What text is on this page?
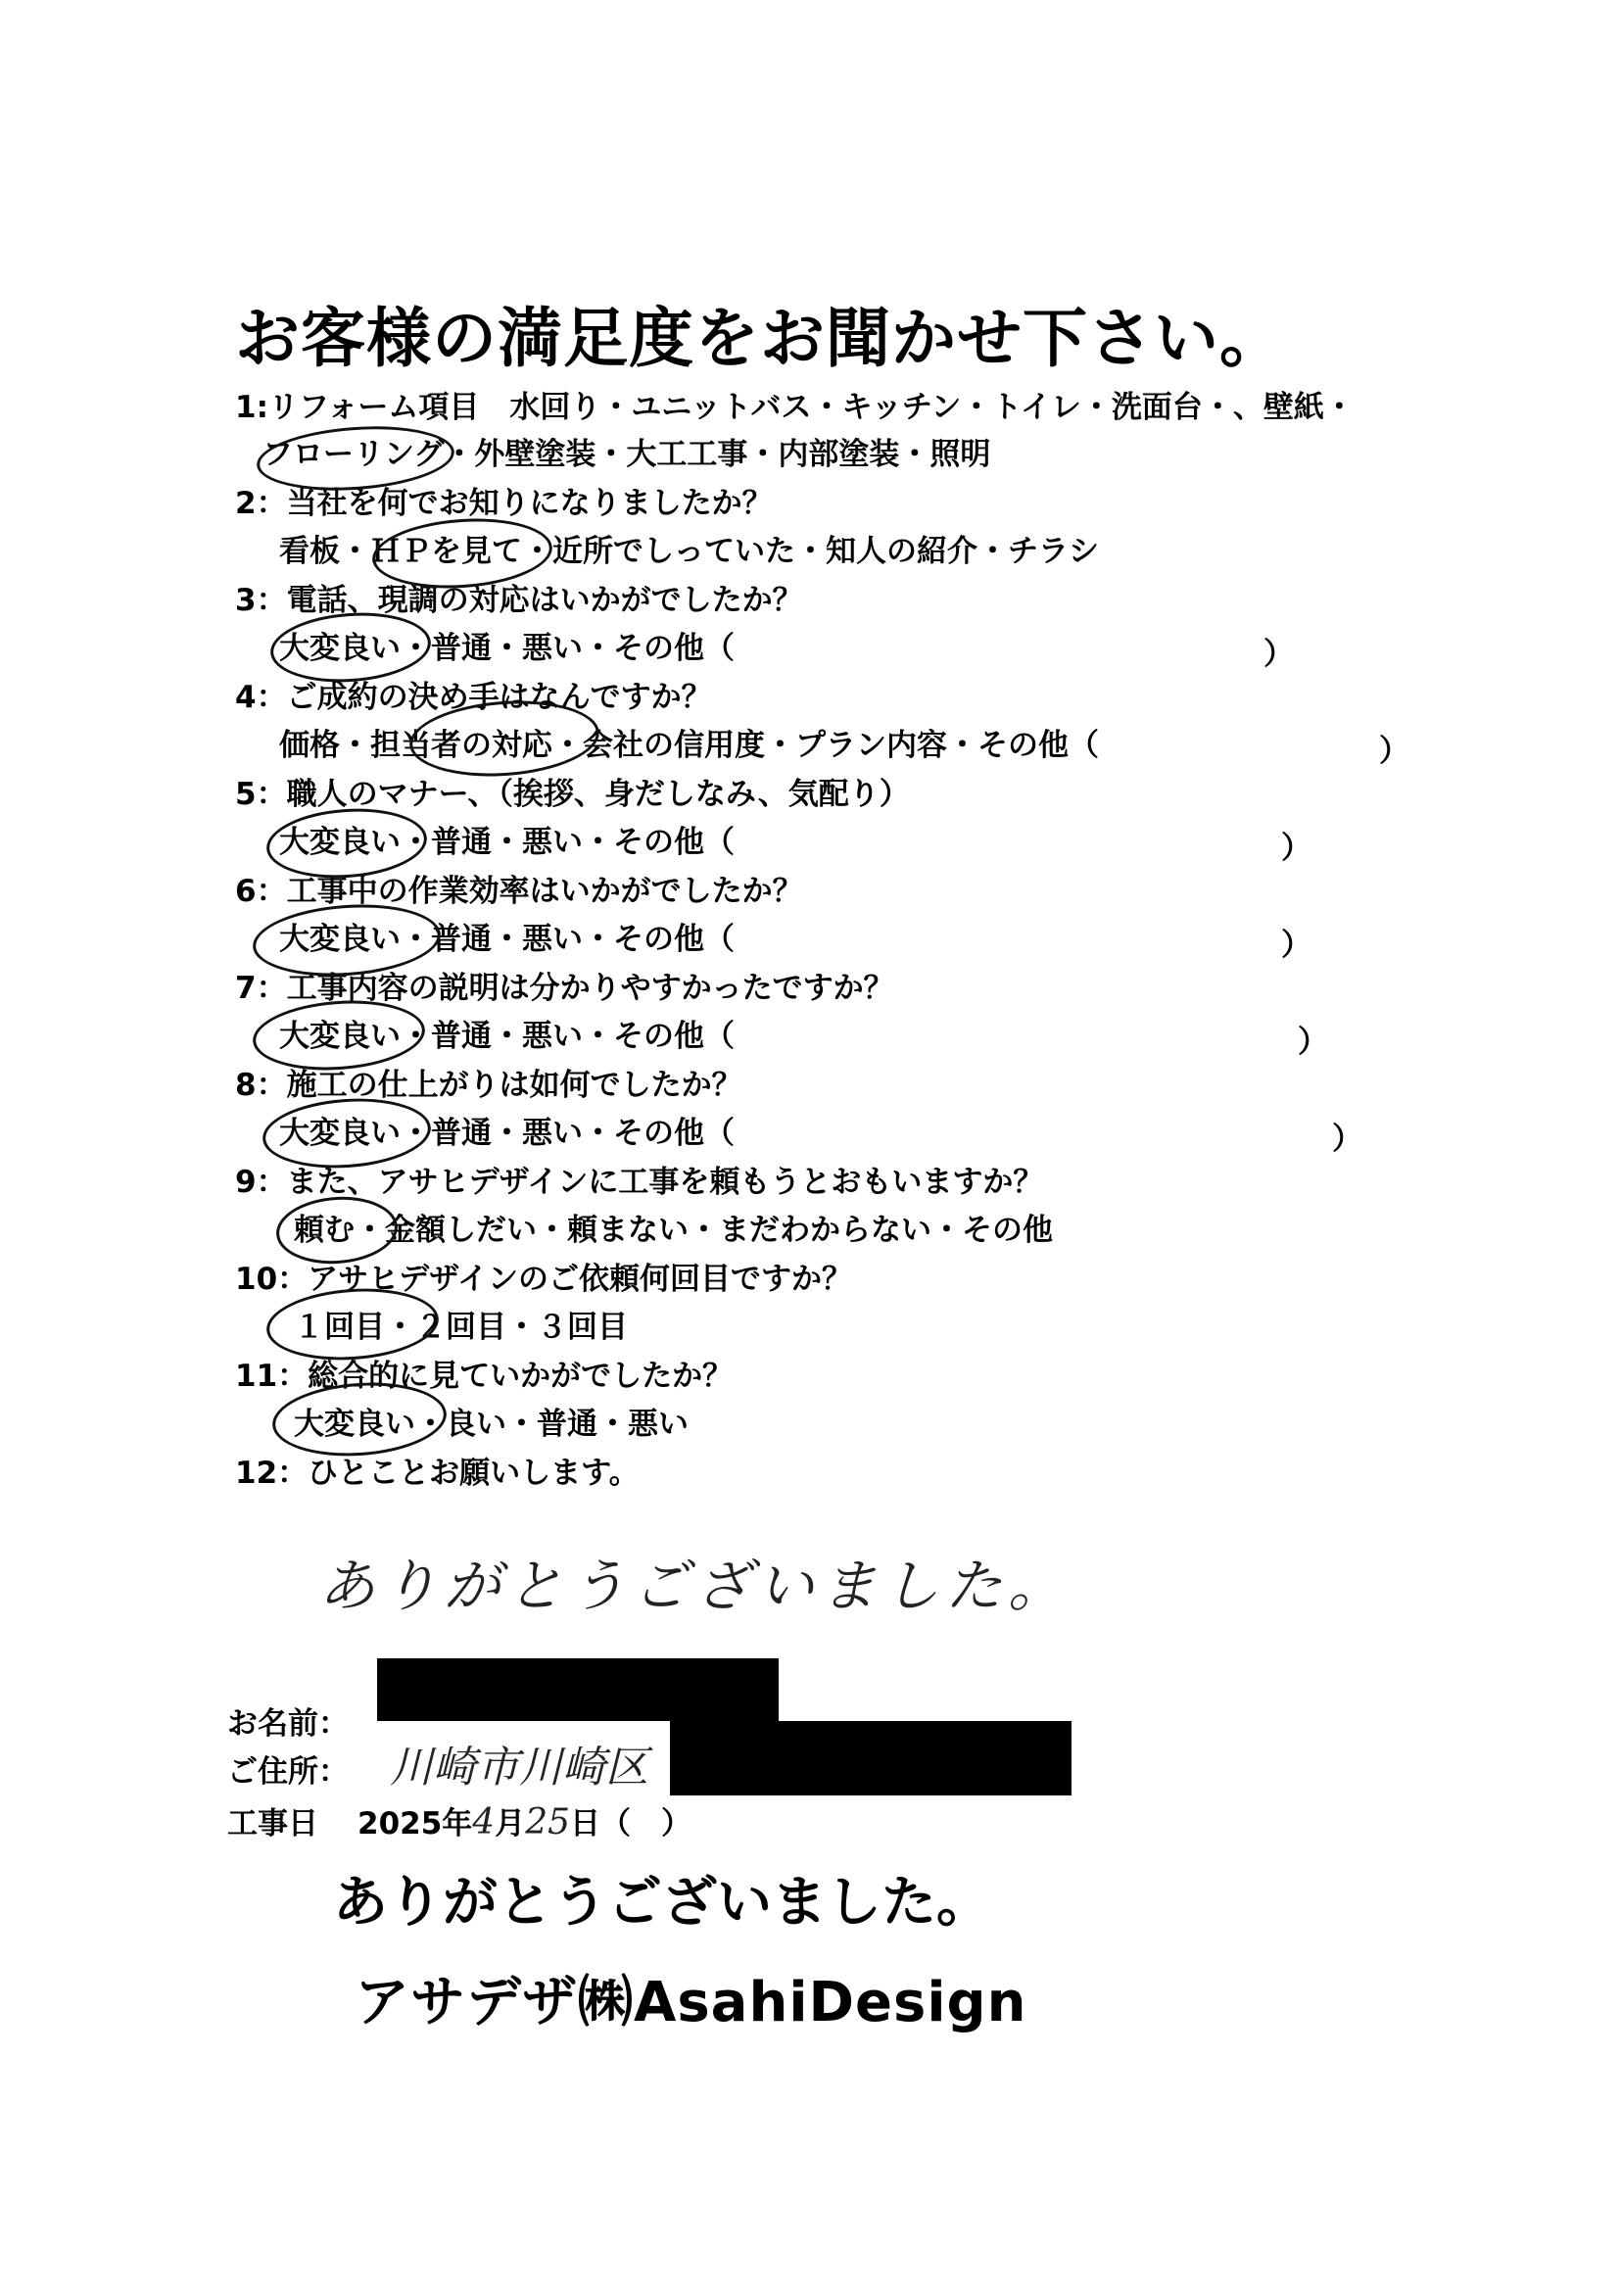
お客様の満足度をお聞かせ下さい。
1:リフォーム項目　水回り・ユニットバス・キッチン・トイレ・洗面台・、壁紙・
フローリング・外壁塗装・大工工事・内部塗装・照明
2：当社を何でお知りになりましたか？
看板・ＨＰを見て・近所でしっていた・知人の紹介・チラシ
3：電話、現調の対応はいかがでしたか？
大変良い・普通・悪い・その他（	）
4：ご成約の決め手はなんですか？
価格・担当者の対応・会社の信用度・プラン内容・その他（	）
5：職人のマナー、（挨拶、身だしなみ、気配り）
大変良い・普通・悪い・その他（	）
6：工事中の作業効率はいかがでしたか？
大変良い・普通・悪い・その他（	）
7：工事内容の説明は分かりやすかったですか？
大変良い・普通・悪い・その他（	）
8：施工の仕上がりは如何でしたか？
大変良い・普通・悪い・その他（	）
9：また、アサヒデザインに工事を頼もうとおもいますか？
頼む・金額しだい・頼まない・まだわからない・その他
10：アサヒデザインのご依頼何回目ですか？
１回目・２回目・３回目
11：総合的に見ていかがでしたか？
大変良い・良い・普通・悪い
12：ひとことお願いします。
ありがとうございました。
お名前：
ご住所： 川崎市川崎区
工事日 2025年4月25日（　）
ありがとうございました。
アサデザ㈱AsahiDesign
